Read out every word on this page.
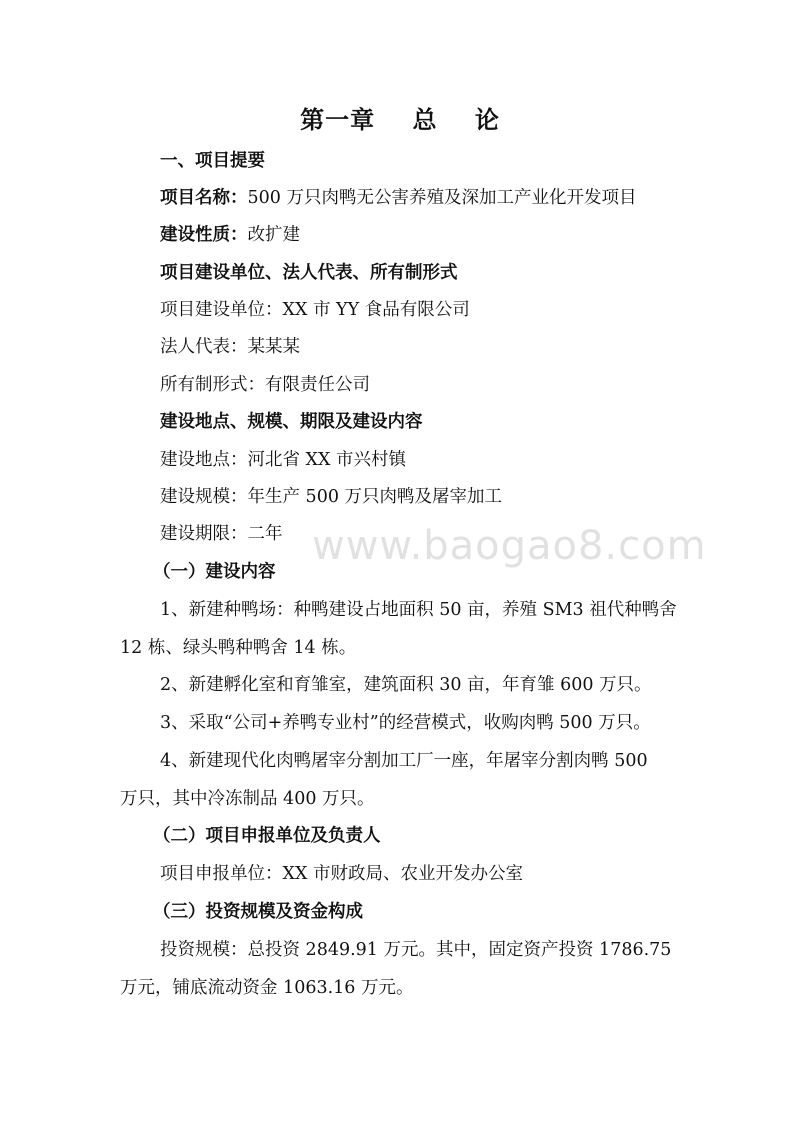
第一章    总    论
一、项目提要
项目名称：500 万只肉鸭无公害养殖及深加工产业化开发项目
建设性质：改扩建
项目建设单位、法人代表、所有制形式
项目建设单位：XX 市 YY 食品有限公司
法人代表：某某某
所有制形式：有限责任公司
建设地点、规模、期限及建设内容
建设地点：河北省 XX 市兴村镇
建设规模：年生产 500 万只肉鸭及屠宰加工
建设期限：二年
（一）建设内容
1、新建种鸭场：种鸭建设占地面积 50 亩，养殖 SM3 祖代种鸭舍
12 栋、绿头鸭种鸭舍 14 栋。
2、新建孵化室和育雏室，建筑面积 30 亩，年育雏 600 万只。
3、采取“公司+养鸭专业村”的经营模式，收购肉鸭 500 万只。
4、新建现代化肉鸭屠宰分割加工厂一座，年屠宰分割肉鸭 500
万只，其中冷冻制品 400 万只。
（二）项目申报单位及负责人
项目申报单位：XX 市财政局、农业开发办公室
（三）投资规模及资金构成
投资规模：总投资 2849.91 万元。其中，固定资产投资 1786.75
万元，铺底流动资金 1063.16 万元。
www.baogao8.com
